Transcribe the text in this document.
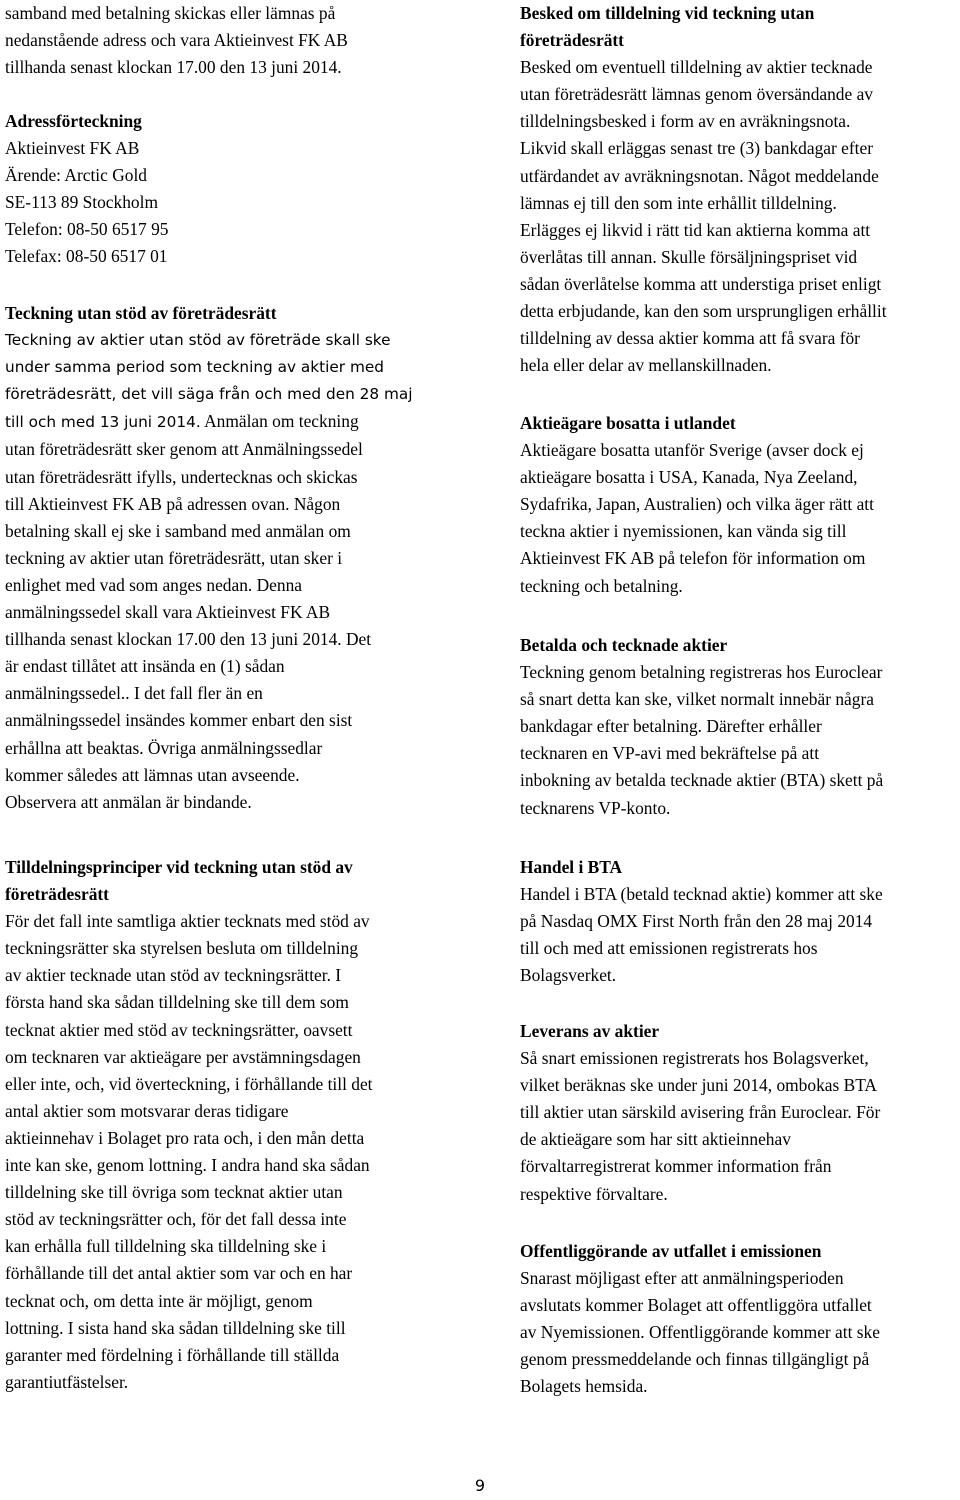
samband med betalning skickas eller lämnas på
nedanstående adress och vara Aktieinvest FK AB
tillhanda senast klockan 17.00 den 13 juni 2014.
Adressförteckning
Aktieinvest FK AB
Ärende: Arctic Gold
SE-113 89 Stockholm
Telefon: 08-50 6517 95
Telefax: 08-50 6517 01
Teckning utan stöd av företrädesrätt
Teckning av aktier utan stöd av företräde skall ske
under samma period som teckning av aktier med
företrädesrätt, det vill säga från och med den 28 maj
till och med 13 juni 2014. Anmälan om teckning
utan företrädesrätt sker genom att Anmälningssedel
utan företrädesrätt ifylls, undertecknas och skickas
till Aktieinvest FK AB på adressen ovan. Någon
betalning skall ej ske i samband med anmälan om
teckning av aktier utan företrädesrätt, utan sker i
enlighet med vad som anges nedan. Denna
anmälningssedel skall vara Aktieinvest FK AB
tillhanda senast klockan 17.00 den 13 juni 2014. Det
är endast tillåtet att insända en (1) sådan
anmälningssedel.. I det fall fler än en
anmälningssedel insändes kommer enbart den sist
erhållna att beaktas. Övriga anmälningssedlar
kommer således att lämnas utan avseende.
Observera att anmälan är bindande.
Tilldelningsprinciper vid teckning utan stöd av
företrädesrätt
För det fall inte samtliga aktier tecknats med stöd av
teckningsrätter ska styrelsen besluta om tilldelning
av aktier tecknade utan stöd av teckningsrätter. I
första hand ska sådan tilldelning ske till dem som
tecknat aktier med stöd av teckningsrätter, oavsett
om tecknaren var aktieägare per avstämningsdagen
eller inte, och, vid överteckning, i förhållande till det
antal aktier som motsvarar deras tidigare
aktieinnehav i Bolaget pro rata och, i den mån detta
inte kan ske, genom lottning. I andra hand ska sådan
tilldelning ske till övriga som tecknat aktier utan
stöd av teckningsrätter och, för det fall dessa inte
kan erhålla full tilldelning ska tilldelning ske i
förhållande till det antal aktier som var och en har
tecknat och, om detta inte är möjligt, genom
lottning. I sista hand ska sådan tilldelning ske till
garanter med fördelning i förhållande till ställda
garantiutfästelser.
Besked om tilldelning vid teckning utan
företrädesrätt
Besked om eventuell tilldelning av aktier tecknade
utan företrädesrätt lämnas genom översändande av
tilldelningsbesked i form av en avräkningsnota.
Likvid skall erläggas senast tre (3) bankdagar efter
utfärdandet av avräkningsnotan. Något meddelande
lämnas ej till den som inte erhållit tilldelning.
Erlägges ej likvid i rätt tid kan aktierna komma att
överlåtas till annan. Skulle försäljningspriset vid
sådan överlåtelse komma att understiga priset enligt
detta erbjudande, kan den som ursprungligen erhållit
tilldelning av dessa aktier komma att få svara för
hela eller delar av mellanskillnaden.
Aktieägare bosatta i utlandet
Aktieägare bosatta utanför Sverige (avser dock ej
aktieägare bosatta i USA, Kanada, Nya Zeeland,
Sydafrika, Japan, Australien) och vilka äger rätt att
teckna aktier i nyemissionen, kan vända sig till
Aktieinvest FK AB på telefon för information om
teckning och betalning.
Betalda och tecknade aktier
Teckning genom betalning registreras hos Euroclear
så snart detta kan ske, vilket normalt innebär några
bankdagar efter betalning. Därefter erhåller
tecknaren en VP-avi med bekräftelse på att
inbokning av betalda tecknade aktier (BTA) skett på
tecknarens VP-konto.
Handel i BTA
Handel i BTA (betald tecknad aktie) kommer att ske
på Nasdaq OMX First North från den 28 maj 2014
till och med att emissionen registrerats hos
Bolagsverket.
Leverans av aktier
Så snart emissionen registrerats hos Bolagsverket,
vilket beräknas ske under juni 2014, ombokas BTA
till aktier utan särskild avisering från Euroclear. För
de aktieägare som har sitt aktieinnehav
förvaltarregistrerat kommer information från
respektive förvaltare.
Offentliggörande av utfallet i emissionen
Snarast möjligast efter att anmälningsperioden
avslutats kommer Bolaget att offentliggöra utfallet
av Nyemissionen. Offentliggörande kommer att ske
genom pressmeddelande och finnas tillgängligt på
Bolagets hemsida.
9
